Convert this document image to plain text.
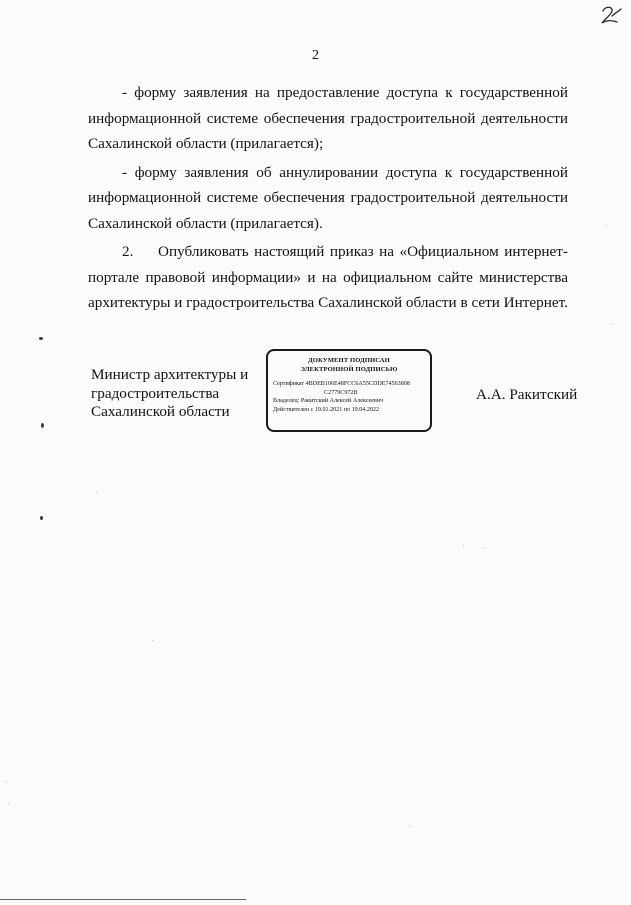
2

- форму заявления на предоставление доступа к государственной информационной системе обеспечения градостроительной деятельности Сахалинской области (прилагается);

- форму заявления об аннулировании доступа к государственной информационной системе обеспечения градостроительной деятельности Сахалинской области (прилагается).

2. Опубликовать настоящий приказ на «Официальном интернет- портале правовой информации» и на официальном сайте министерства архитектуры и градостроительства Сахалинской области в сети Интернет.

Министр архитектуры и
градостроительства
Сахалинской области
ДОКУМЕНТ ПОДПИСАН
ЭЛЕКТРОННОЙ ПОДПИСЬЮ
Сертификат 4BDEB106E48FCC6A55CDDE74563808
C2779C972B
Владелец: Ракитский Алексей Алексеевич
Действителен с 19.01.2021 по 19.04.2022
А.А. Ракитский
